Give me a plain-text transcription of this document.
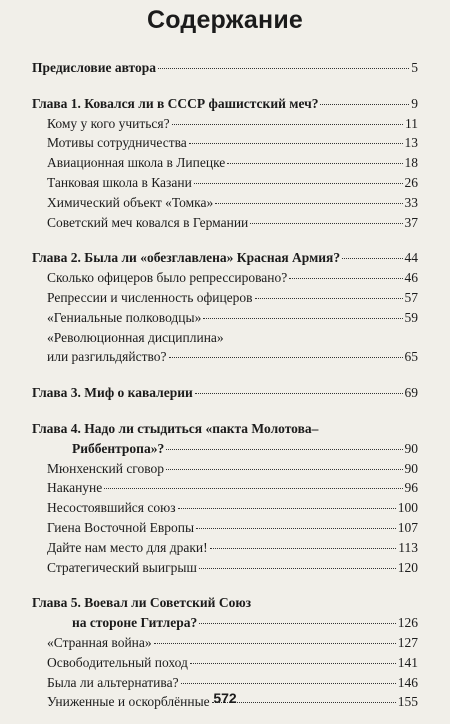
Содержание
Предисловие автора	5
Глава 1. Ковался ли в СССР фашистский меч?	9
Кому у кого учиться?	11
Мотивы сотрудничества	13
Авиационная школа в Липецке	18
Танковая школа в Казани	26
Химический объект «Томка»	33
Советский меч ковался в Германии	37
Глава 2. Была ли «обезглавлена» Красная Армия?	44
Сколько офицеров было репрессировано?	46
Репрессии и численность офицеров	57
«Гениальные полководцы»	59
«Революционная дисциплина»
или разгильдяйство?	65
Глава 3. Миф о кавалерии	69
Глава 4. Надо ли стыдиться «пакта Молотова–
Риббентропа»?	90
Мюнхенский сговор	90
Накануне	96
Несостоявшийся союз	100
Гиена Восточной Европы	107
Дайте нам место для драки!	113
Стратегический выигрыш	120
Глава 5. Воевал ли Советский Союз
на стороне Гитлера?	126
«Странная война»	127
Освободительный поход	141
Была ли альтернатива?	146
Униженные и оскорблённые	155
572
